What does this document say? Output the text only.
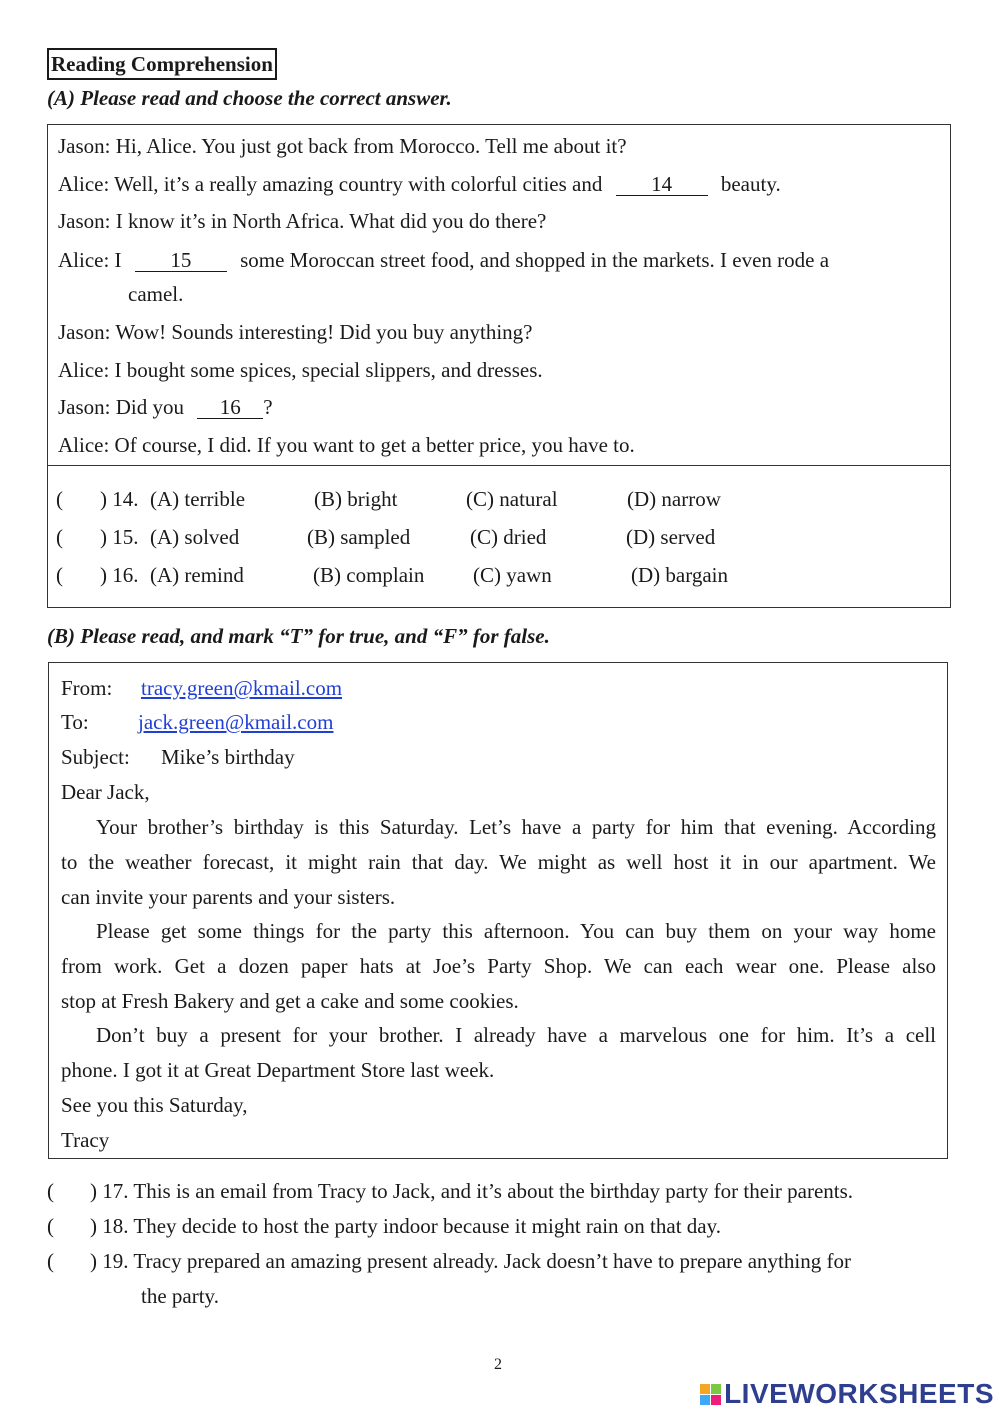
Reading Comprehension
(A) Please read and choose the correct answer.
Jason: Hi, Alice. You just got back from Morocco. Tell me about it?
Alice: Well, it’s a really amazing country with colorful cities and 14 beauty.
Jason: I know it’s in North Africa. What did you do there?
Alice: I 15 some Moroccan street food, and shopped in the markets. I even rode a
camel.
Jason: Wow! Sounds interesting! Did you buy anything?
Alice: I bought some spices, special slippers, and dresses.
Jason: Did you 16 ?
Alice: Of course, I did. If you want to get a better price, you have to.
( ) 14. (A) terrible	(B) bright	(C) natural	(D) narrow
( ) 15. (A) solved	(B) sampled	(C) dried	(D) served
( ) 16. (A) remind	(B) complain (C) yawn	(D) bargain
(B) Please read, and mark “T” for true, and “F” for false.
From: tracy.green@kmail.com
To: jack.green@kmail.com
Subject: Mike’s birthday
Dear Jack,
Your brother’s birthday is this Saturday. Let’s have a party for him that evening. According
to the weather forecast, it might rain that day. We might as well host it in our apartment. We
can invite your parents and your sisters.
Please get some things for the party this afternoon. You can buy them on your way home
from work. Get a dozen paper hats at Joe’s Party Shop. We can each wear one. Please also
stop at Fresh Bakery and get a cake and some cookies.
Don’t buy a present for your brother. I already have a marvelous one for him. It’s a cell
phone. I got it at Great Department Store last week.
See you this Saturday,
Tracy
( ) 17. This is an email from Tracy to Jack, and it’s about the birthday party for their parents.
( ) 18. They decide to host the party indoor because it might rain on that day.
( ) 19. Tracy prepared an amazing present already. Jack doesn’t have to prepare anything for
the party.
2
LIVEWORKSHEETS
